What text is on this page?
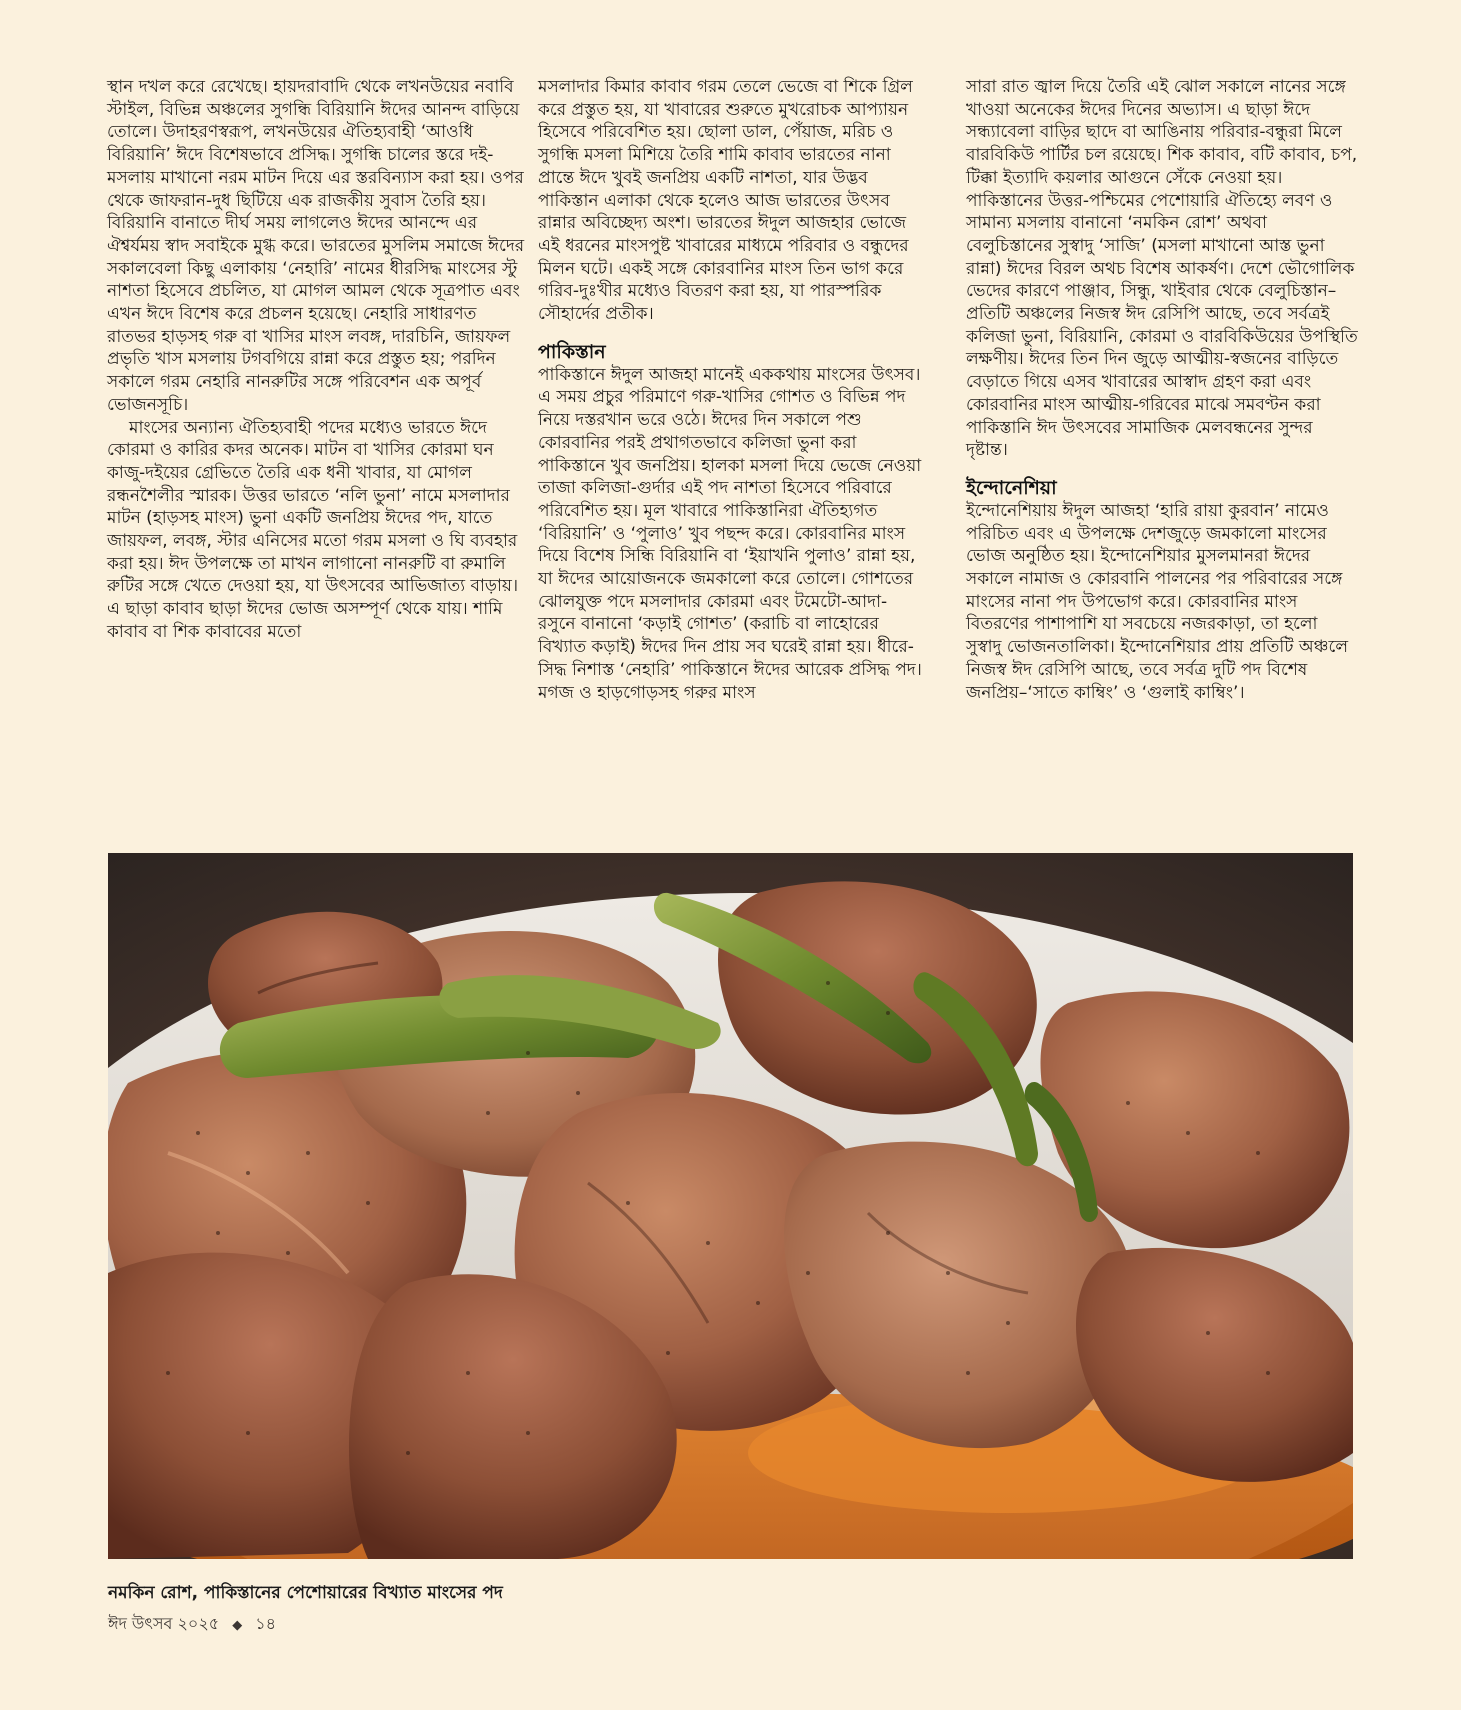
স্থান দখল করে রেখেছে। হায়দরাবাদি থেকে লখনউয়ের নবাবি স্টাইল, বিভিন্ন অঞ্চলের সুগন্ধি বিরিয়ানি ঈদের আনন্দ বাড়িয়ে তোলে। উদাহরণস্বরূপ, লখনউয়ের ঐতিহ্যবাহী ‘আওধি বিরিয়ানি’ ঈদে বিশেষভাবে প্রসিদ্ধ। সুগন্ধি চালের স্তরে দই-মসলায় মাখানো নরম মাটন দিয়ে এর স্তরবিন্যাস করা হয়। ওপর থেকে জাফরান-দুধ ছিটিয়ে এক রাজকীয় সুবাস তৈরি হয়। বিরিয়ানি বানাতে দীর্ঘ সময় লাগলেও ঈদের আনন্দে এর ঐশ্বর্যময় স্বাদ সবাইকে মুগ্ধ করে। ভারতের মুসলিম সমাজে ঈদের সকালবেলা কিছু এলাকায় ‘নেহারি’ নামের ধীরসিদ্ধ মাংসের স্টু নাশতা হিসেবে প্রচলিত, যা মোগল আমল থেকে সূত্রপাত এবং এখন ঈদে বিশেষ করে প্রচলন হয়েছে। নেহারি সাধারণত রাতভর হাড়সহ গরু বা খাসির মাংস লবঙ্গ, দারচিনি, জায়ফল প্রভৃতি খাস মসলায় টগবগিয়ে রান্না করে প্রস্তুত হয়; পরদিন সকালে গরম নেহারি নানরুটির সঙ্গে পরিবেশন এক অপূর্ব ভোজনসূচি।

মাংসের অন্যান্য ঐতিহ্যবাহী পদের মধ্যেও ভারতে ঈদে কোরমা ও কারির কদর অনেক। মাটন বা খাসির কোরমা ঘন কাজু-দইয়ের গ্রেভিতে তৈরি এক ধনী খাবার, যা মোগল রন্ধনশৈলীর স্মারক। উত্তর ভারতে ‘নলি ভুনা’ নামে মসলাদার মাটন (হাড়সহ মাংস) ভুনা একটি জনপ্রিয় ঈদের পদ, যাতে জায়ফল, লবঙ্গ, স্টার এনিসের মতো গরম মসলা ও ঘি ব্যবহার করা হয়। ঈদ উপলক্ষে তা মাখন লাগানো নানরুটি বা রুমালি রুটির সঙ্গে খেতে দেওয়া হয়, যা উৎসবের আভিজাত্য বাড়ায়। এ ছাড়া কাবাব ছাড়া ঈদের ভোজ অসম্পূর্ণ থেকে যায়। শামি কাবাব বা শিক কাবাবের মতো

মসলাদার কিমার কাবাব গরম তেলে ভেজে বা শিকে গ্রিল করে প্রস্তুত হয়, যা খাবারের শুরুতে মুখরোচক আপ্যায়ন হিসেবে পরিবেশিত হয়। ছোলা ডাল, পেঁয়াজ, মরিচ ও সুগন্ধি মসলা মিশিয়ে তৈরি শামি কাবাব ভারতের নানা প্রান্তে ঈদে খুবই জনপ্রিয় একটি নাশতা, যার উদ্ভব পাকিস্তান এলাকা থেকে হলেও আজ ভারতের উৎসব রান্নার অবিচ্ছেদ্য অংশ। ভারতের ঈদুল আজহার ভোজে এই ধরনের মাংসপুষ্ট খাবারের মাধ্যমে পরিবার ও বন্ধুদের মিলন ঘটে। একই সঙ্গে কোরবানির মাংস তিন ভাগ করে গরিব-দুঃখীর মধ্যেও বিতরণ করা হয়, যা পারস্পরিক সৌহার্দের প্রতীক।

পাকিস্তান

পাকিস্তানে ঈদুল আজহা মানেই এককথায় মাংসের উৎসব। এ সময় প্রচুর পরিমাণে গরু-খাসির গোশত ও বিভিন্ন পদ নিয়ে দস্তরখান ভরে ওঠে। ঈদের দিন সকালে পশু কোরবানির পরই প্রথাগতভাবে কলিজা ভুনা করা পাকিস্তানে খুব জনপ্রিয়। হালকা মসলা দিয়ে ভেজে নেওয়া তাজা কলিজা-গুর্দার এই পদ নাশতা হিসেবে পরিবারে পরিবেশিত হয়। মূল খাবারে পাকিস্তানিরা ঐতিহ্যগত ‘বিরিয়ানি’ ও ‘পুলাও’ খুব পছন্দ করে। কোরবানির মাংস দিয়ে বিশেষ সিন্ধি বিরিয়ানি বা ‘ইয়াখনি পুলাও’ রান্না হয়, যা ঈদের আয়োজনকে জমকালো করে তোলে। গোশতের ঝোলযুক্ত পদে মসলাদার কোরমা এবং টমেটো-আদা-রসুনে বানানো ‘কড়াই গোশত’ (করাচি বা লাহোরের বিখ্যাত কড়াই) ঈদের দিন প্রায় সব ঘরেই রান্না হয়। ধীরে-সিদ্ধ নিশাস্ত ‘নেহারি’ পাকিস্তানে ঈদের আরেক প্রসিদ্ধ পদ। মগজ ও হাড়গোড়সহ গরুর মাংস

সারা রাত জ্বাল দিয়ে তৈরি এই ঝোল সকালে নানের সঙ্গে খাওয়া অনেকের ঈদের দিনের অভ্যাস। এ ছাড়া ঈদে সন্ধ্যাবেলা বাড়ির ছাদে বা আঙিনায় পরিবার-বন্ধুরা মিলে বারবিকিউ পার্টির চল রয়েছে। শিক কাবাব, বটি কাবাব, চপ, টিক্কা ইত্যাদি কয়লার আগুনে সেঁকে নেওয়া হয়। পাকিস্তানের উত্তর-পশ্চিমের পেশোয়ারি ঐতিহ্যে লবণ ও সামান্য মসলায় বানানো ‘নমকিন রোশ’ অথবা বেলুচিস্তানের সুস্বাদু ‘সাজি’ (মসলা মাখানো আস্ত ভুনা রান্না) ঈদের বিরল অথচ বিশেষ আকর্ষণ। দেশে ভৌগোলিক ভেদের কারণে পাঞ্জাব, সিন্ধু, খাইবার থেকে বেলুচিস্তান–প্রতিটি অঞ্চলের নিজস্ব ঈদ রেসিপি আছে, তবে সর্বত্রই কলিজা ভুনা, বিরিয়ানি, কোরমা ও বারবিকিউয়ের উপস্থিতি লক্ষণীয়। ঈদের তিন দিন জুড়ে আত্মীয়-স্বজনের বাড়িতে বেড়াতে গিয়ে এসব খাবারের আস্বাদ গ্রহণ করা এবং কোরবানির মাংস আত্মীয়-গরিবের মাঝে সমবণ্টন করা পাকিস্তানি ঈদ উৎসবের সামাজিক মেলবন্ধনের সুন্দর দৃষ্টান্ত।

ইন্দোনেশিয়া

ইন্দোনেশিয়ায় ঈদুল আজহা ‘হারি রায়া কুরবান’ নামেও পরিচিত এবং এ উপলক্ষে দেশজুড়ে জমকালো মাংসের ভোজ অনুষ্ঠিত হয়। ইন্দোনেশিয়ার মুসলমানরা ঈদের সকালে নামাজ ও কোরবানি পালনের পর পরিবারের সঙ্গে মাংসের নানা পদ উপভোগ করে। কোরবানির মাংস বিতরণের পাশাপাশি যা সবচেয়ে নজরকাড়া, তা হলো সুস্বাদু ভোজনতালিকা। ইন্দোনেশিয়ার প্রায় প্রতিটি অঞ্চলে নিজস্ব ঈদ রেসিপি আছে, তবে সর্বত্র দুটি পদ বিশেষ জনপ্রিয়–‘সাতে কাম্বিং’ ও ‘গুলাই কাম্বিং’।

নমকিন রোশ, পাকিস্তানের পেশোয়ারের বিখ্যাত মাংসের পদ
ঈদ উৎসব ২০২৫ ◆ ১৪
